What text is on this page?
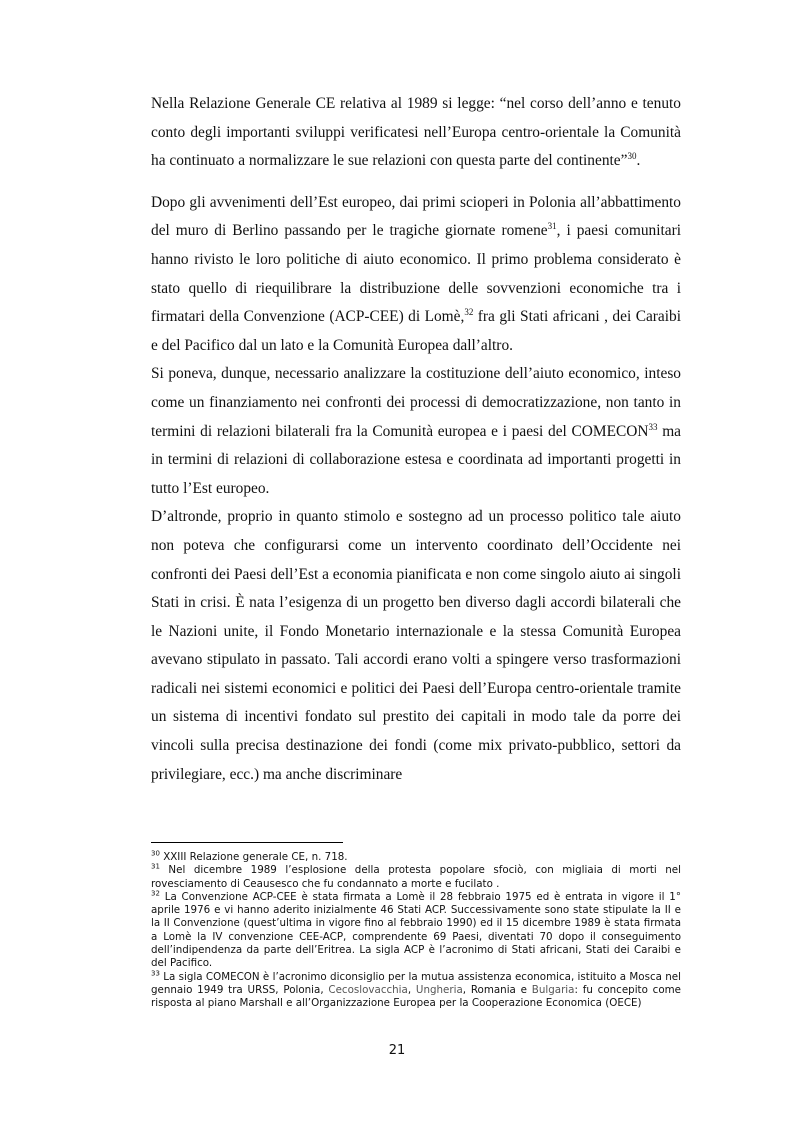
Nella Relazione Generale CE relativa al 1989 si legge: “nel corso dell’anno e tenuto conto degli importanti sviluppi verificatesi nell’Europa centro-orientale la Comunità ha continuato a normalizzare le sue relazioni con questa parte del continente”$^{30}$.

Dopo gli avvenimenti dell’Est europeo, dai primi scioperi in Polonia all’abbattimento del muro di Berlino passando per le tragiche giornate romene$^{31}$, i paesi comunitari hanno rivisto le loro politiche di aiuto economico. Il primo problema considerato è stato quello di riequilibrare la distribuzione delle sovvenzioni economiche tra i firmatari della Convenzione (ACP-CEE) di Lomè,$^{32}$ fra gli Stati africani , dei Caraibi e del Pacifico dal un lato e la Comunità Europea dall’altro.

Si poneva, dunque, necessario analizzare la costituzione dell’aiuto economico, inteso come un finanziamento nei confronti dei processi di democratizzazione, non tanto in termini di relazioni bilaterali fra la Comunità europea e i paesi del COMECON$^{33}$ ma in termini di relazioni di collaborazione estesa e coordinata ad importanti progetti in tutto l’Est europeo.

D’altronde, proprio in quanto stimolo e sostegno ad un processo politico tale aiuto non poteva che configurarsi come un intervento coordinato dell’Occidente nei confronti dei Paesi dell’Est a economia pianificata e non come singolo aiuto ai singoli Stati in crisi. È nata l’esigenza di un progetto ben diverso dagli accordi bilaterali che le Nazioni unite, il Fondo Monetario internazionale e la stessa Comunità Europea avevano stipulato in passato. Tali accordi erano volti a spingere verso trasformazioni radicali nei sistemi economici e politici dei Paesi dell’Europa centro-orientale tramite un sistema di incentivi fondato sul prestito dei capitali in modo tale da porre dei vincoli sulla precisa destinazione dei fondi (come mix privato-pubblico, settori da privilegiare, ecc.) ma anche discriminare

$^{30}$ XXIII Relazione generale CE, n. 718.

$^{31}$ Nel dicembre 1989 l’esplosione della protesta popolare sfociò, con migliaia di morti nel rovesciamento di Ceausesco che fu condannato a morte e fucilato .

$^{32}$ La Convenzione ACP-CEE è stata firmata a Lomè il 28 febbraio 1975 ed è entrata in vigore il 1° aprile 1976 e vi hanno aderito inizialmente 46 Stati ACP. Successivamente sono state stipulate la II e la II Convenzione (quest’ultima in vigore fino al febbraio 1990) ed il 15 dicembre 1989 è stata firmata a Lomè la IV convenzione CEE-ACP, comprendente 69 Paesi, diventati 70 dopo il conseguimento dell’indipendenza da parte dell’Eritrea. La sigla ACP è l’acronimo di Stati africani, Stati dei Caraibi e del Pacifico.

$^{33}$ La sigla COMECON è l’acronimo diconsiglio per la mutua assistenza economica, istituito a Mosca nel gennaio 1949 tra URSS, Polonia, Cecoslovacchia, Ungheria, Romania e Bulgaria: fu concepito come risposta al piano Marshall e all’Organizzazione Europea per la Cooperazione Economica (OECE)

21
